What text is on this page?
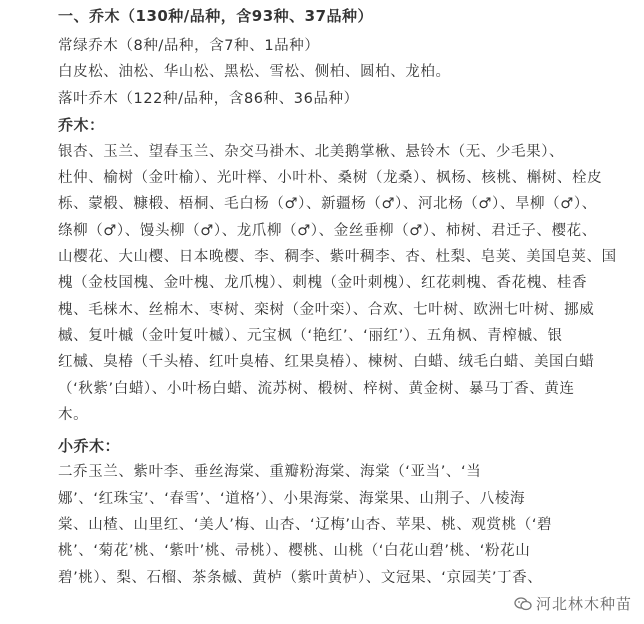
一、乔木（130种/品种，含93种、37品种）
常绿乔木（8种/品种，含7种、1品种）
白皮松、油松、华山松、黑松、雪松、侧柏、圆柏、龙柏。
落叶乔木（122种/品种，含86种、36品种）
乔木：
银杏、玉兰、望春玉兰、杂交马褂木、北美鹅掌楸、悬铃木（无、少毛果）、
杜仲、榆树（金叶榆）、光叶榉、小叶朴、桑树（龙桑）、枫杨、核桃、槲树、栓皮
栎、蒙椴、糠椴、梧桐、毛白杨（♂）、新疆杨（♂）、河北杨（♂）、旱柳（♂）、
绦柳（♂）、馒头柳（♂）、龙爪柳（♂）、金丝垂柳（♂）、柿树、君迁子、樱花、
山樱花、大山樱、日本晚樱、李、稠李、紫叶稠李、杏、杜梨、皂荚、美国皂荚、国
槐（金枝国槐、金叶槐、龙爪槐）、刺槐（金叶刺槐）、红花刺槐、香花槐、桂香
槐、毛梾木、丝棉木、枣树、栾树（金叶栾）、合欢、七叶树、欧洲七叶树、挪威
槭、复叶槭（金叶复叶槭）、元宝枫（‘艳红’、‘丽红’）、五角枫、青榨槭、银
红槭、臭椿（千头椿、红叶臭椿、红果臭椿）、楝树、白蜡、绒毛白蜡、美国白蜡
（‘秋紫’白蜡）、小叶杨白蜡、流苏树、椴树、梓树、黄金树、暴马丁香、黄连
木。
小乔木：
二乔玉兰、紫叶李、垂丝海棠、重瓣粉海棠、海棠（‘亚当’、‘当
娜’、‘红珠宝’、‘春雪’、‘道格’）、小果海棠、海棠果、山荆子、八棱海
棠、山楂、山里红、‘美人’梅、山杏、‘辽梅’山杏、苹果、桃、观赏桃（‘碧
桃’、‘菊花’桃、‘紫叶’桃、帚桃）、樱桃、山桃（‘白花山碧’桃、‘粉花山
碧’桃）、梨、石榴、茶条槭、黄栌（紫叶黄栌）、文冠果、‘京园芙’丁香、
河北林木种苗
